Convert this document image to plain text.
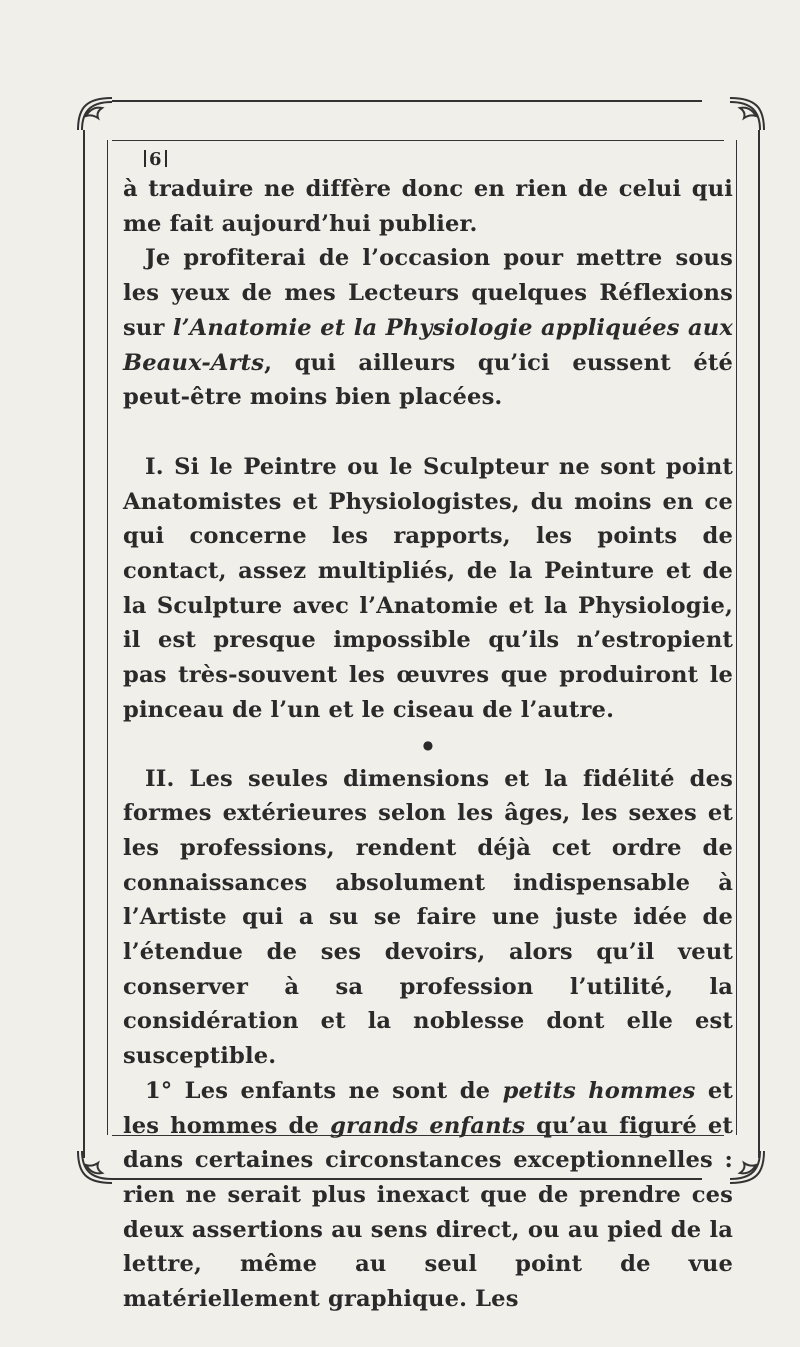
6

à traduire ne diffère donc en rien de celui qui me fait aujourd’hui publier.

Je profiterai de l’occasion pour mettre sous les yeux de mes Lecteurs quelques Réflexions sur l’Anatomie et la Physiologie appliquées aux Beaux-Arts, qui ailleurs qu’ici eussent été peut-être moins bien placées.

I. Si le Peintre ou le Sculpteur ne sont point Anatomistes et Physiologistes, du moins en ce qui concerne les rapports, les points de contact, assez multipliés, de la Peinture et de la Sculpture avec l’Anatomie et la Physiologie, il est presque impossible qu’ils n’estropient pas très-souvent les œuvres que produiront le pinceau de l’un et le ciseau de l’autre.

●

II. Les seules dimensions et la fidélité des formes extérieures selon les âges, les sexes et les professions, rendent déjà cet ordre de connaissances absolument indispensable à l’Artiste qui a su se faire une juste idée de l’étendue de ses devoirs, alors qu’il veut conserver à sa profession l’utilité, la considération et la noblesse dont elle est susceptible.

1° Les enfants ne sont de petits hommes et les hommes de grands enfants qu’au figuré et dans certaines circonstances exceptionnelles : rien ne serait plus inexact que de prendre ces deux assertions au sens direct, ou au pied de la lettre, même au seul point de vue matériellement graphique. Les
